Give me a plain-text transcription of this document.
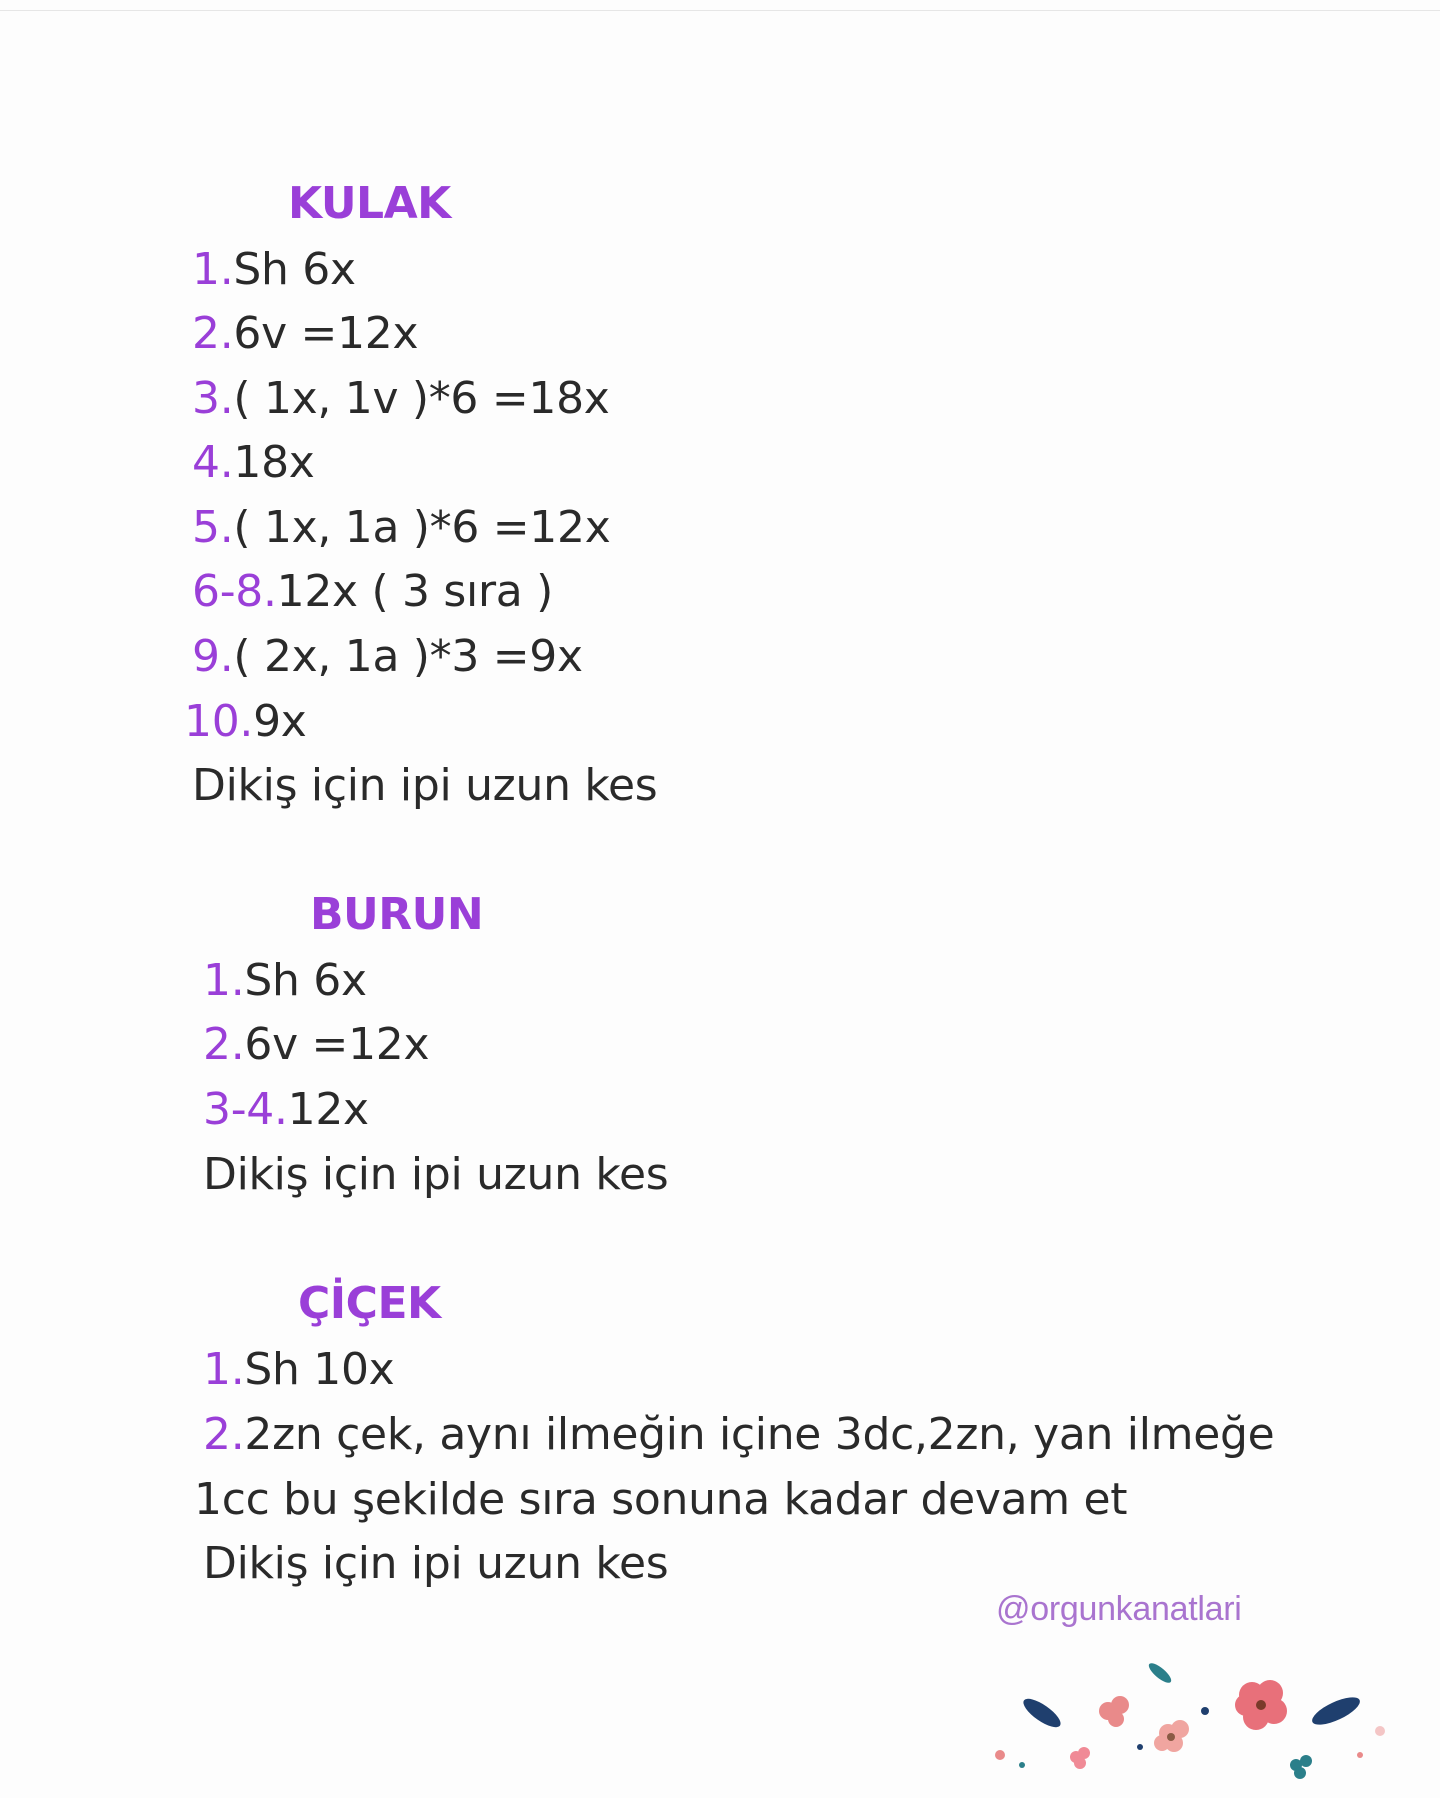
KULAK
1.Sh 6x
2.6v =12x
3.( 1x, 1v )*6 =18x
4.18x
5.( 1x, 1a )*6 =12x
6-8.12x ( 3 sıra )
9.( 2x, 1a )*3 =9x
10.9x
Dikiş için ipi uzun kes
BURUN
1.Sh 6x
2.6v =12x
3-4.12x
Dikiş için ipi uzun kes
ÇİÇEK
1.Sh 10x
2.2zn çek, aynı ilmeğin içine 3dc,2zn, yan ilmeğe
1cc bu şekilde sıra sonuna kadar devam et
Dikiş için ipi uzun kes
@orgunkanatlari
